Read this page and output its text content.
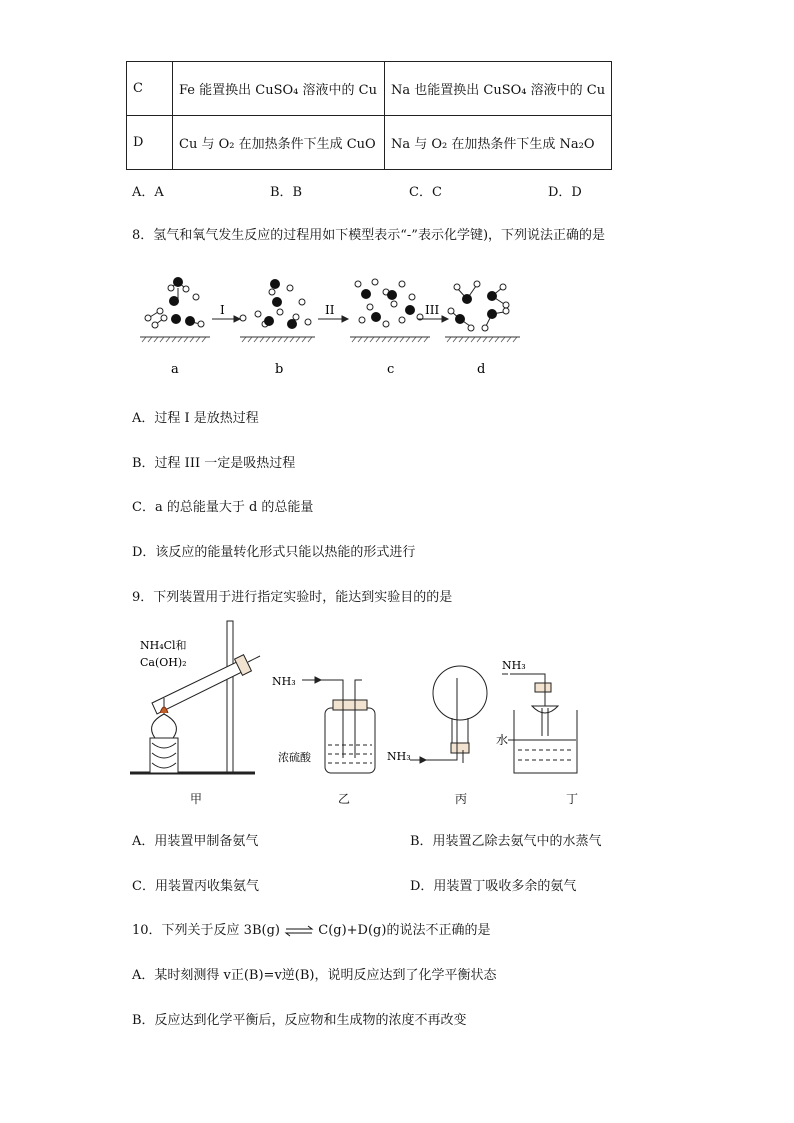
C	Fe 能置换出 CuSO₄ 溶液中的 Cu	Na 也能置换出 CuSO₄ 溶液中的 Cu
D	Cu 与 O₂ 在加热条件下生成 CuO	Na 与 O₂ 在加热条件下生成 Na₂O
A．A	B．B	C．C	D．D
8．氢气和氧气发生反应的过程用如下模型表示“-”表示化学键)，下列说法正确的是
I	II	III
a	b	c	d
A．过程 I 是放热过程
B．过程 III 一定是吸热过程
C．a 的总能量大于 d 的总能量
D．该反应的能量转化形式只能以热能的形式进行
9．下列装置用于进行指定实验时，能达到实验目的的是
NH₄Cl和
Ca(OH)₂
NH₃
浓硫酸	NH₃
NH₃
水
甲	乙	丙	丁
A．用装置甲制备氨气	B．用装置乙除去氨气中的水蒸气
C．用装置丙收集氨气	D．用装置丁吸收多余的氨气
10．下列关于反应 3B(g) ⇌ C(g)+D(g)的说法不正确的是
A．某时刻测得 v正(B)=v逆(B)，说明反应达到了化学平衡状态
B．反应达到化学平衡后，反应物和生成物的浓度不再改变
